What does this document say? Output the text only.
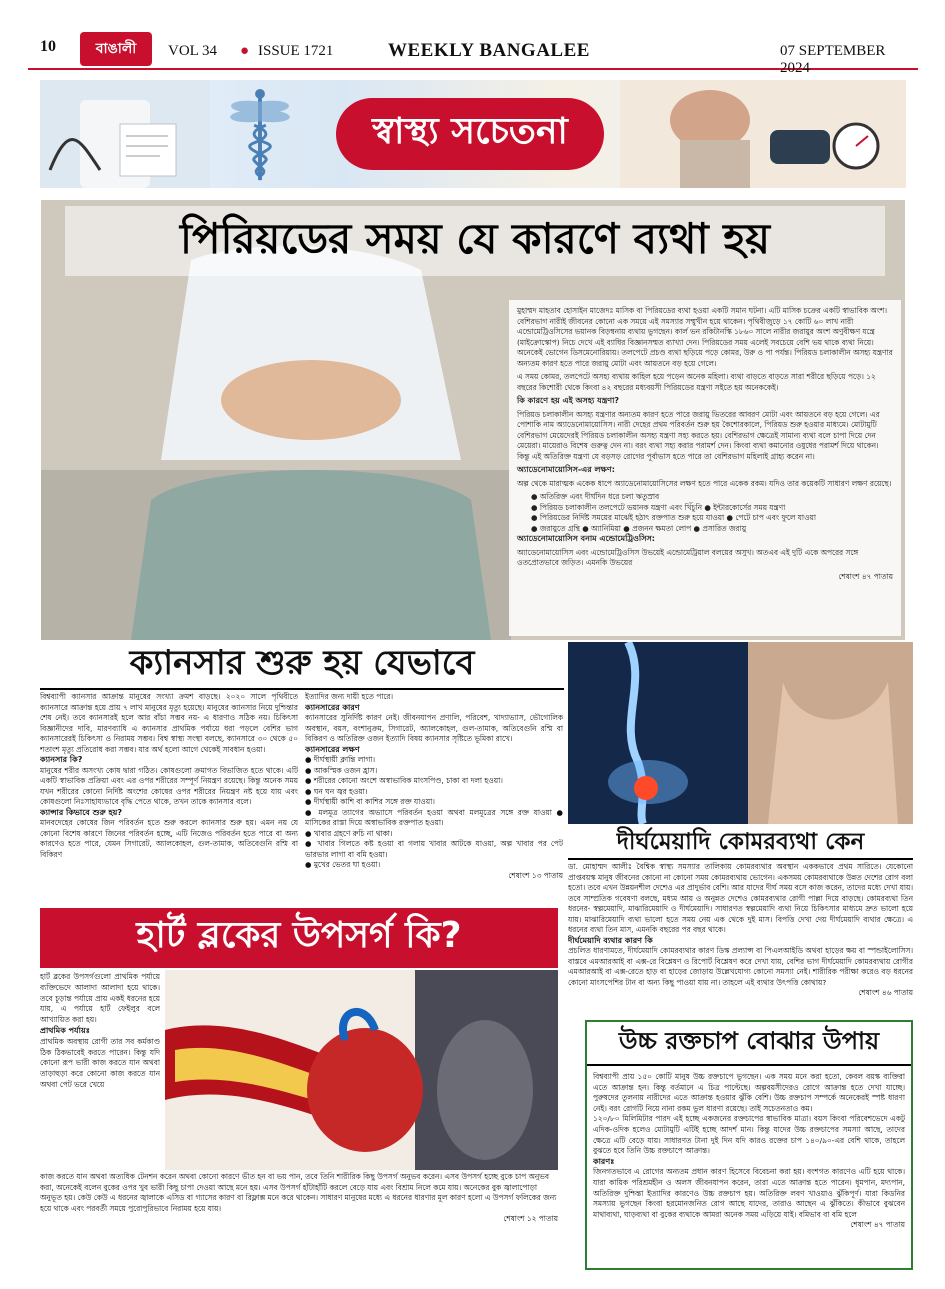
10	বাঙালী	VOL 34 ● ISSUE 1721	WEEKLY BANGALEE	07 SEPTEMBER 2024
স্বাস্থ্য সচেতনা
পিরিয়ডের সময় যে কারণে ব্যথা হয়

মুহাম্মদ মাহতাব হোসাইন মাজেদঃ মাসিক বা পিরিয়ডের ব্যথা হওয়া একটি সমান ঘটনা। এটি মাসিক চক্রের একটি স্বাভাবিক অংশ। বেশিরভাগ নারীই জীবনের কোনো এক সময়ে এই সমস্যার সম্মুখীন হয়ে থাকেন। পৃথিবীজুড়ে ১৭ কোটি ৬০ লাখ নারী এন্ডোমেট্রিওসিসের ভয়ানক বিড়ম্বনায় ব্যথায় ভুগছেন। কার্ল ভন রকিটানস্কি ১৮৬০ সালে নারীর জরায়ুর অংশ অণুবীক্ষণ যন্ত্রে (মাইক্রোস্কোপ) নিচে দেখে এই ব্যাধির বিজ্ঞানসম্মত ব্যাখ্যা দেন। পিরিয়ডের সময় এলেই সবচেয়ে বেশি ভয় থাকে ব্যথা নিয়ে। অনেকেই ভোগেন ডিসমেনোরিয়ায়। তলপেটে প্রচণ্ড ব্যথা ছড়িয়ে পড়ে কোমর, উরু ও পা পর্যন্ত। পিরিয়ড চলাকালীন অসহ্য যন্ত্রণার অন্যতম কারণ হতে পারে জরায়ু মোটা এবং আয়তনে বড় হয়ে গেলে।

এ সময় কোমর, তলপেটে অসহ্য ব্যথায় কাহিল হয়ে পড়েন অনেক মহিলা। ব্যথা বাড়তে বাড়তে সারা শরীরে ছড়িয়ে পড়ে। ১২ বছরের কিশোরী থেকে কিংবা ৪২ বছরের মধ্যবয়সী পিরিয়ডের যন্ত্রণা সইতে হয় অনেককেই।

কি কারণে হয় এই অসহ্য যন্ত্রণা?

পিরিয়ড চলাকালীন অসহ্য যন্ত্রণার অন্যতম কারণ হতে পারে জরায়ু ভিতরের আবরণ মোটা এবং আয়তনে বড় হয়ে গেলে। এর পোশাকি নাম অ্যাডেনোমায়োসিস। নারী দেহের প্রথম পরিবর্তন শুরু হয় কৈশোরকালে, পিরিয়ড শুরু হওয়ার মাধ্যমে। মোটামুটি বেশিরভাগ মেয়েদেরই পিরিয়ড চলাকালীন অসহ্য যন্ত্রণা সহ্য করতে হয়। বেশিরভাগ ক্ষেত্রেই সামান্য ব্যথা বলে চাপা দিয়ে দেন মেয়েরা। মায়েরাও বিশেষ গুরুত্ব দেন না। বরং ব্যথা সহ্য করার পরামর্শ দেন। কিংবা ব্যথা কমানোর ওষুধের পরামর্শ দিয়ে থাকেন। কিন্তু এই অতিরিক্ত যন্ত্রণা যে বড়সড় রোগের পূর্বাভাস হতে পারে তা বেশিরভাগ মহিলাই গ্রাহ্য করেন না।

অ্যাডেনোমায়োসিস-এর লক্ষণ:

অল্প থেকে মারাত্মক একেক ধাপে অ্যাডেনোমায়োসিসের লক্ষণ হতে পারে একেক রকম। যদিও তার কয়েকটি সাধারণ লক্ষণ রয়েছে।

● অতিরিক্ত এবং দীর্ঘদিন ধরে চলা ঋতুস্রাব
● পিরিয়ড চলাকালীন তলপেটে ভয়ানক যন্ত্রণা এবং খিঁচুনি ● ইন্টারকোর্সের সময় যন্ত্রণা
● পিরিয়ডের নির্দিষ্ট সময়ের মাঝেই হঠাৎ রক্তপাত শুরু হয়ে যাওয়া ● পেটে চাপ এবং ফুলে যাওয়া
● জরায়ুতে গ্রন্থি ● অ্যানিমিয়া ● প্রজনন ক্ষমতা লোপ ● প্রসারিত জরায়ু

অ্যাডেনোমায়োসিস বনাম এন্ডোমেট্রিওসিস:

অ্যাডেনোমায়োসিস এবং এন্ডোমেট্রিওসিস উভয়েই এন্ডোমেট্রিয়াল বলয়ের অসুখ। অতএব এই দুটি একে অপরের সঙ্গে ওতপ্রোতভাবে জড়িত। এমনকি উভয়ের

শেষাংশ ৪৭ পাতায়

ক্যানসার শুরু হয় যেভাবে

বিশ্বব্যাপী ক্যানসার আক্রান্ত মানুষের সংখ্যা ক্রমশ বাড়ছে। ২০২০ সালে পৃথিবীতে ক্যানসারে আক্রান্ত হয়ে প্রায় ৭ লাখ মানুষের মৃত্যু হয়েছে। মানুষের ক্যানসার নিয়ে দুশ্চিন্তার শেষ নেই। তবে ক্যানসারই হলে আর বাঁচা সম্ভব নয়- এ ধারণাও সঠিক নয়। চিকিৎসা বিজ্ঞানীদের দাবি, মারণব্যাধি এ ক্যানসার প্রাথমিক পর্যায়ে ধরা পড়লে বেশির ভাগ ক্যানসারেরই চিকিৎসা ও নিরাময় সম্ভব। বিশ্ব স্বাস্থ্য সংস্থা বলছে, ক্যানসারে ৩০ থেকে ৫০ শতাংশ মৃত্যু প্রতিরোধ করা সম্ভব। যার অর্থ হলো আগে থেকেই সাবধান হওয়া।

ক্যানসার কি?

মানুষের শরীর অসংখ্য কোষ দ্বারা গঠিত। কোষগুলো ক্রমাগত বিভাজিত হতে থাকে। এটি একটি স্বাভাবিক প্রক্রিয়া এবং এর ওপর শরীরের সম্পূর্ণ নিয়ন্ত্রণ রয়েছে। কিন্তু অনেক সময় যখন শরীরের কোনো নির্দিষ্ট অংশের কোষের ওপর শরীরের নিয়ন্ত্রণ নষ্ট হয়ে যায় এবং কোষগুলো নিঃসাহায্যভাবে বৃদ্ধি পেতে থাকে, তখন তাকে ক্যানসার বলে।

ক্যান্সার কিভাবে শুরু হয়?

মানবদেহের কোষের জিন পরিবর্তন হতে শুরু করলে ক্যানসার শুরু হয়। এমন নয় যে কোনো বিশেষ কারণে জিনের পরিবর্তন হচ্ছে, এটি নিজেও পরিবর্তন হতে পারে বা অন্য কারণেও হতে পারে, যেমন সিগারেট, অ্যালকোহল, গুল-তামাক, অতিবেগুনি রশ্মি বা বিকিরণ

ইত্যাদির জন্য দায়ী হতে পারে।

ক্যানসারের কারণ

ক্যানসারের সুনির্দিষ্ট কারণ নেই। জীবনযাপন প্রণালি, পরিবেশ, খাদ্যাভ্যাস, ভৌগোলিক অবস্থান, বয়স, বংশানুক্রম, সিগারেট, অ্যালকোহল, গুল-তামাক, অতিবেগুনি রশ্মি বা বিকিরণ ও অতিরিক্ত ওজন ইত্যাদি বিষয় ক্যানসার সৃষ্টিতে ভূমিকা রাখে।

ক্যানসারের লক্ষণ

● দীর্ঘস্থায়ী ক্লান্তি লাগা।
● আকস্মিক ওজন হ্রাস।
● শরীরের কোনো অংশে অস্বাভাবিক মাংসপিণ্ড, চাকা বা দলা হওয়া।
● ঘন ঘন জ্বর হওয়া।
● দীর্ঘস্থায়ী কাশি বা কাশির সঙ্গে রক্ত যাওয়া।
● মলমূত্র ত্যাগের অভ্যাসে পরিবর্তন হওয়া অথবা মলমূত্রের সঙ্গে রক্ত যাওয়া ● মাসিকের রাস্তা দিয়ে অস্বাভাবিক রক্তপাত হওয়া।
● খাবার গ্রহণে রুচি না থাকা।
● খাবার গিলতে কষ্ট হওয়া বা গলায় খাবার আটকে যাওয়া, অল্প খাবার পর পেট ভারভার লাগা বা বমি হওয়া।
● মুখের ভেতর ঘা হওয়া।

শেষাংশ ১৩ পাতায়

দীর্ঘমেয়াদি কোমরব্যথা কেন

ডা. মোহাম্মদ আলীঃ বৈশ্বিক স্বাস্থ্য সমস্যার তালিকায় কোমরব্যথার অবস্থান এককভাবে প্রথম সারিতে। যেকোনো প্রাপ্তবয়স্ক মানুষ জীবনের কোনো না কোনো সময় কোমরব্যথায় ভোগেন। একসময় কোমরব্যথাকে উন্নত দেশের রোগ বলা হতো। তবে এখন উন্নয়নশীল দেশেও এর প্রাদুর্ভাব বেশি। আর যাদের দীর্ঘ সময় বসে কাজ করেন, তাদের মধ্যে দেখা যায়। তবে সাম্প্রতিক গবেষণা বলছে, মধ্যম আয় ও অনুন্নত দেশেও কোমরব্যথার রোগী পাল্লা দিয়ে বাড়ছে। কোমরব্যথা তিন ধরনের- স্বল্পমেয়াদি, মাঝারিমেয়াদি ও দীর্ঘমেয়াদি। সাধারণত স্বল্পমেয়াদি ব্যথা নিয়ে চিকিৎসার মাধ্যমে দ্রুত ভালো হয়ে যায়। মাঝারিমেয়াদি ব্যথা ভালো হতে সময় নেয় এক থেকে দুই মাস। বিপত্তি দেখা দেয় দীর্ঘমেয়াদি ব্যথার ক্ষেত্রে। এ ধরনের ব্যথা তিন মাস, এমনকি বছরের পর বছর থাকে।

দীর্ঘমেয়াদি ব্যথার কারণ কি

প্রচলিত ধারণামতে, দীর্ঘমেয়াদি কোমরব্যথার কারণ ডিস্ক প্রল্যাপ্স বা পিএলআইডি অথবা হাড়ের ক্ষয় বা স্পন্ডাইলোসিস। বাস্তবে এমআরআই বা এক্স-রে বিশ্লেষণ ও রিপোর্ট বিশ্লেষণ করে দেখা যায়, বেশির ভাগ দীর্ঘমেয়াদি কোমরব্যথায় রোগীর এমআরআই বা এক্স-রেতে হাড় বা হাড়ের জোড়ায় উল্লেখযোগ্য কোনো সমস্যা নেই। শারীরিক পরীক্ষা করেও বড় ধরনের কোনো মাংসপেশির টান বা অন্য কিছু পাওয়া যায় না। তাহলে এই ব্যথার উৎপত্তি কোথায়?

শেষাংশ ৪৬ পাতায়

হার্ট ব্লকের উপসর্গ কি?

হার্ট ব্লকের উপসর্গগুলো প্রাথমিক পর্যায়ে ব্যক্তিভেদে আলাদা আলাদা হয়ে থাকে। তবে চূড়ান্ত পর্যায়ে প্রায় একই ধরনের হয়ে যায়, এ পর্যায়ে হার্ট ফেইলুর বলে আখ্যায়িত করা হয়।

প্রাথমিক পর্যায়ঃ

প্রাথমিক অবস্থায় রোগী তার সব কর্মকাণ্ড ঠিক ঠিকভাবেই করতে পারেন। কিন্তু যদি কোনো রূপ ভারী কাজ করতে যান অথবা তাড়াহুড়া করে কোনো কাজ করতে যান অথবা পেট ভরে খেয়ে

কাজ করতে যান অথবা অত্যধিক টেনশন করেন অথবা কোনো কারণে ভীত হন বা ভয় পান, তবে তিনি শারীরিক কিছু উপসর্গ অনুভব করেন। এসব উপসর্গ হচ্ছে বুকে চাপ অনুভব করা, অনেকেই বলেন বুকের ওপর খুব ভারী কিছু চাপা দেওয়া আছে মনে হয়। এসব উপসর্গ হাঁটাহাঁটি করলে বেড়ে যায় এবং বিশ্রাম নিলে কমে যায়। অনেকের বুক জ্বালাপোড়া অনুভূত হয়। কেউ কেউ এ ধরনের জ্বালাকে এসিড বা গ্যাসের কারণ বা রিফ্লাক্স মনে করে থাকেন। সাধারণ মানুষের মধ্যে এ ধরনের ধারণার মূল কারণ হলো এ উপসর্গ ফলিকের জন্য হয়ে থাকে এবং পরবর্তী সময়ে পুরোপুরিভাবে নিরাময় হয়ে যায়।

শেষাংশ ১২ পাতায়

উচ্চ রক্তচাপ বোঝার উপায়

বিশ্বব্যাপী প্রায় ১৫০ কোটি মানুষ উচ্চ রক্তচাপে ভুগছেন। এক সময় মনে করা হতো, কেবল বয়স্ক ব্যক্তিরা এতে আক্রান্ত হন। কিন্তু বর্তমানে এ চিত্র পাল্টেছে। অল্পবয়সীদেরও রোগে আক্রান্ত হতে দেখা যাচ্ছে। পুরুষদের তুলনায় নারীদের এতে আক্রান্ত হওয়ার ঝুঁকি বেশি। উচ্চ রক্তচাপ সম্পর্কে অনেকেরই স্পষ্ট ধারণা নেই। বরং রোগটি নিয়ে নানা রকম ভুল ধারণা রয়েছে। তাই সচেতনতাও কম।

১২০/৮০ মিলিমিটার পারদ এই হচ্ছে একজনের রক্তচাপের স্বাভাবিক মাত্রা। বয়স কিংবা পরিবেশভেদে একটু এদিক-ওদিক হলেও মোটামুটি এটিই হচ্ছে আদর্শ মান। কিন্তু যাদের উচ্চ রক্তচাপের সমস্যা আছে, তাদের ক্ষেত্রে এটি বেড়ে যায়। সাধারণত টানা দুই দিন যদি কারও রক্তের চাপ ১৪০/৯০-এর বেশি থাকে, তাহলে বুঝতে হবে তিনি উচ্চ রক্তচাপে আক্রান্ত।

কারণঃ

জিনগতভাবে এ রোগের অন্যতম প্রধান কারণ হিসেবে বিবেচনা করা হয়। বংশগত কারণেও এটি হয়ে থাকে। যারা কায়িক পরিশ্রমহীন ও অলস জীবনযাপন করেন, তারা এতে আক্রান্ত হতে পারেন। ধূমপান, মদ্যপান, অতিরিক্ত দুশ্চিন্তা ইত্যাদির কারণেও উচ্চ রক্তচাপ হয়। অতিরিক্ত লবণ খাওয়াও ঝুঁকিপূর্ণ। যারা কিডনির সমস্যায় ভুগছেন কিংবা হরমোনজনিত রোগ আছে যাদের, তারাও আছেন এ ঝুঁকিতে। কীভাবে বুঝবেন মাথাব্যথা, ঘাড়ব্যথা বা বুকের ব্যথাকে আমরা অনেক সময় এড়িয়ে যাই। বমিভাব বা বমি হলে

শেষাংশ ৪৭ পাতায়
